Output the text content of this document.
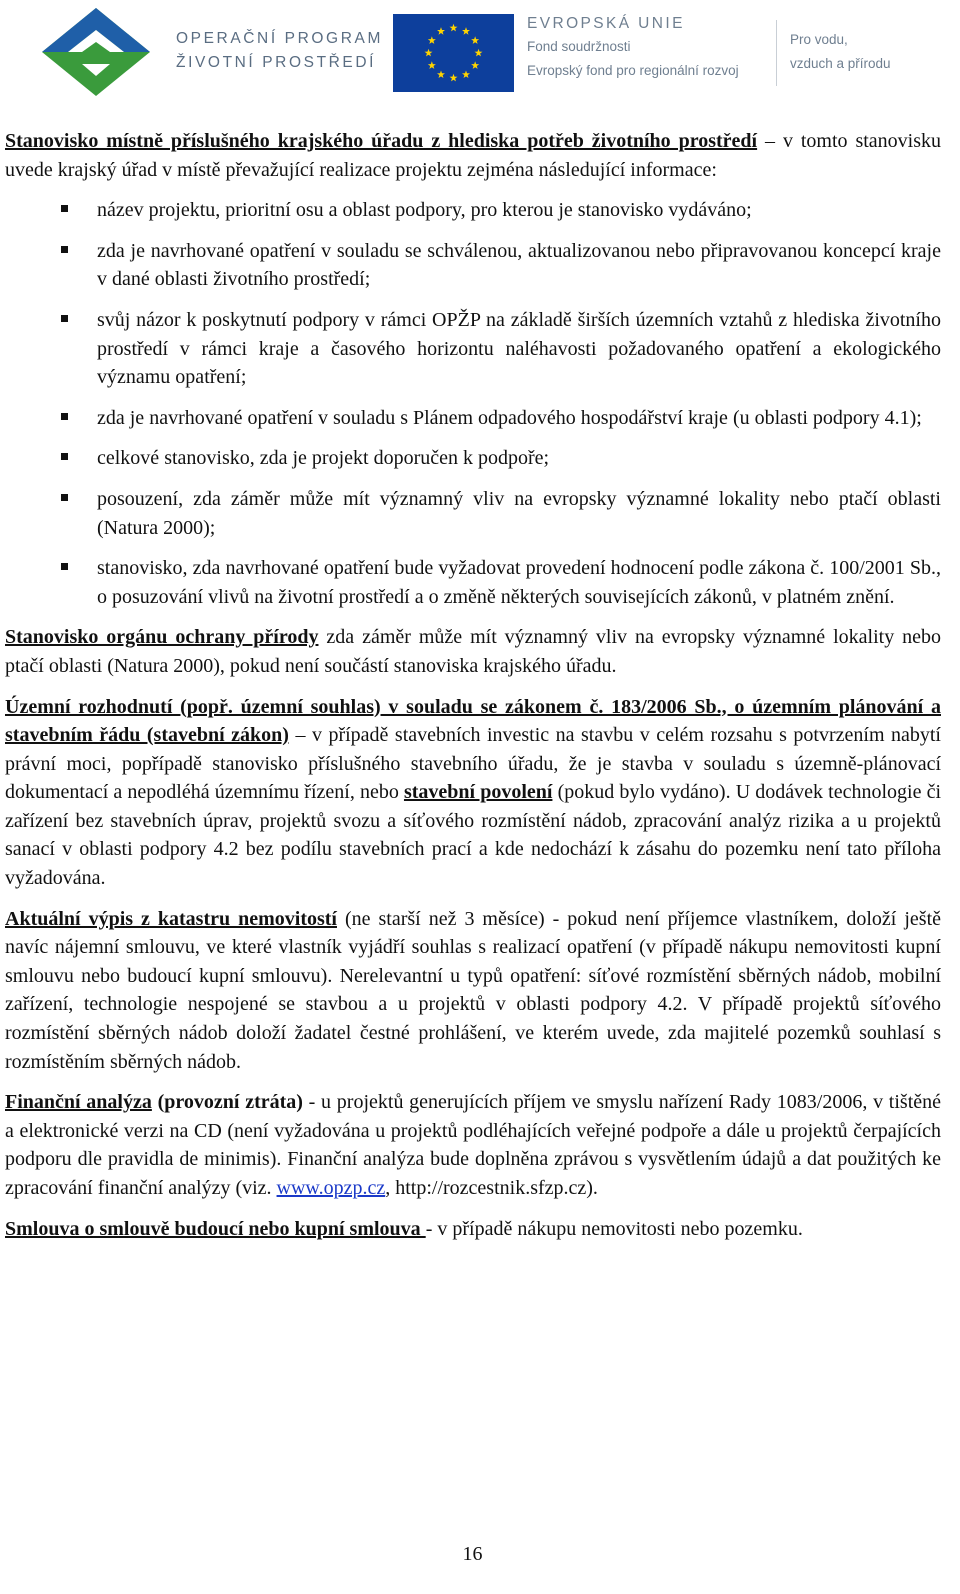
OPERAČNÍ PROGRAM
ŽIVOTNÍ PROSTŘEDÍ
EVROPSKÁ UNIE
Fond soudržnosti
Evropský fond pro regionální rozvoj
Pro vodu,
vzduch a přírodu

Stanovisko místně příslušného krajského úřadu z hlediska potřeb životního prostředí – v tomto stanovisku uvede krajský úřad v místě převažující realizace projektu zejména následující informace:

název projektu, prioritní osu a oblast podpory, pro kterou je stanovisko vydáváno;
zda je navrhované opatření v souladu se schválenou, aktualizovanou nebo připravovanou koncepcí kraje v dané oblasti životního prostředí;
svůj názor k poskytnutí podpory v rámci OPŽP na základě širších územních vztahů z hlediska životního prostředí v rámci kraje a časového horizontu naléhavosti požadovaného opatření a ekologického významu opatření;
zda je navrhované opatření v souladu s Plánem odpadového hospodářství kraje (u oblasti podpory 4.1);
celkové stanovisko, zda je projekt doporučen k podpoře;
posouzení, zda záměr může mít významný vliv na evropsky významné lokality nebo ptačí oblasti (Natura 2000);
stanovisko, zda navrhované opatření bude vyžadovat provedení hodnocení podle zákona č. 100/2001 Sb., o posuzování vlivů na životní prostředí a o změně některých souvisejících zákonů, v platném znění.

Stanovisko orgánu ochrany přírody zda záměr může mít významný vliv na evropsky významné lokality nebo ptačí oblasti (Natura 2000), pokud není součástí stanoviska krajského úřadu.

Územní rozhodnutí (popř. územní souhlas) v souladu se zákonem č. 183/2006 Sb., o územním plánování a stavebním řádu (stavební zákon) – v případě stavebních investic na stavbu v celém rozsahu s potvrzením nabytí právní moci, popřípadě stanovisko příslušného stavebního úřadu, že je stavba v souladu s územně-plánovací dokumentací a nepodléhá územnímu řízení, nebo stavební povolení (pokud bylo vydáno). U dodávek technologie či zařízení bez stavebních úprav, projektů svozu a síťového rozmístění nádob, zpracování analýz rizika a u projektů sanací v oblasti podpory 4.2 bez podílu stavebních prací a kde nedochází k zásahu do pozemku není tato příloha vyžadována.

Aktuální výpis z katastru nemovitostí (ne starší než 3 měsíce) - pokud není příjemce vlastníkem, doloží ještě navíc nájemní smlouvu, ve které vlastník vyjádří souhlas s realizací opatření (v případě nákupu nemovitosti kupní smlouvu nebo budoucí kupní smlouvu). Nerelevantní u typů opatření: síťové rozmístění sběrných nádob, mobilní zařízení, technologie nespojené se stavbou a u projektů v oblasti podpory 4.2. V případě projektů síťového rozmístění sběrných nádob doloží žadatel čestné prohlášení, ve kterém uvede, zda majitelé pozemků souhlasí s rozmístěním sběrných nádob.

Finanční analýza (provozní ztráta) - u projektů generujících příjem ve smyslu nařízení Rady 1083/2006, v tištěné a elektronické verzi na CD (není vyžadována u projektů podléhajících veřejné podpoře a dále u projektů čerpajících podporu dle pravidla de minimis). Finanční analýza bude doplněna zprávou s vysvětlením údajů a dat použitých ke zpracování finanční analýzy (viz. www.opzp.cz, http://rozcestnik.sfzp.cz).

Smlouva o smlouvě budoucí nebo kupní smlouva - v případě nákupu nemovitosti nebo pozemku.

16
